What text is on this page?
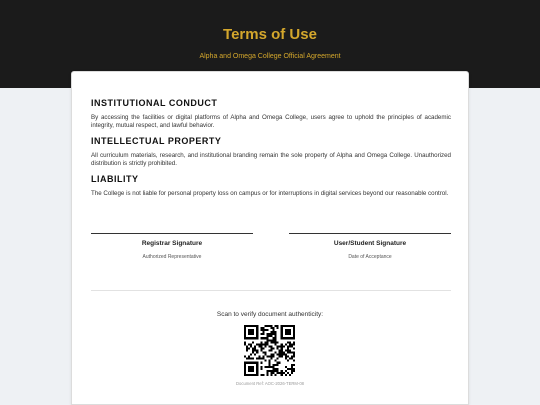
Terms of Use
Alpha and Omega College Official Agreement
INSTITUTIONAL CONDUCT
By accessing the facilities or digital platforms of Alpha and Omega College, users agree to uphold the principles of academic integrity, mutual respect, and lawful behavior.
INTELLECTUAL PROPERTY
All curriculum materials, research, and institutional branding remain the sole property of Alpha and Omega College. Unauthorized distribution is strictly prohibited.
LIABILITY
The College is not liable for personal property loss on campus or for interruptions in digital services beyond our reasonable control.
Registrar Signature
Authorized Representative
User/Student Signature
Date of Acceptance
Scan to verify document authenticity:
Document Ref: AOC-2026-TERM-08
